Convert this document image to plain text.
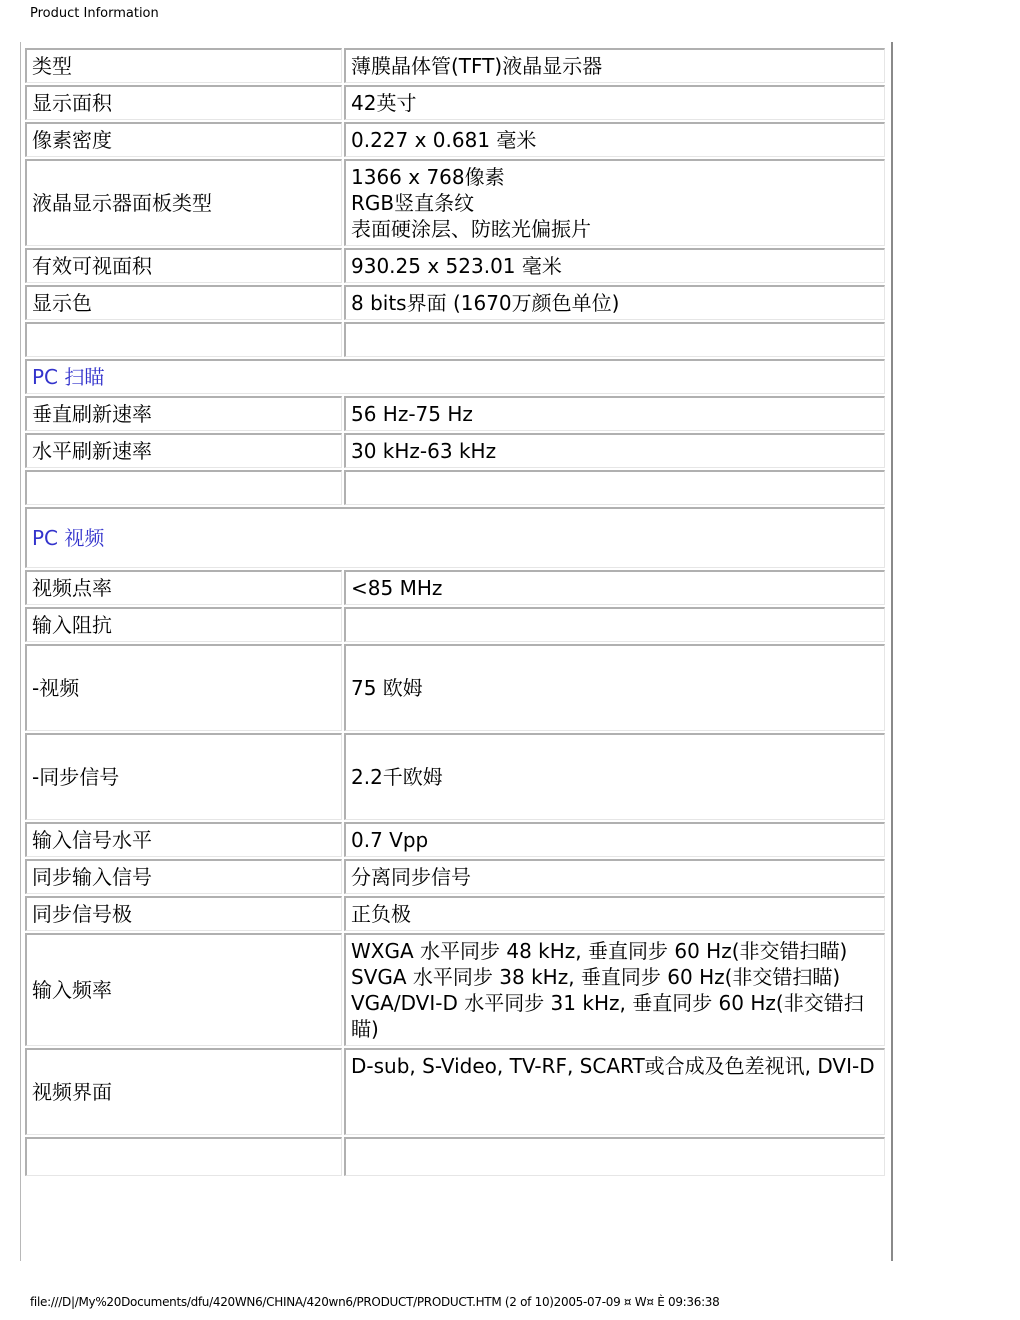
Product Information
类型	薄膜晶体管(TFT)液晶显示器
显示面积	42英寸
像素密度	0.227 x 0.681 毫米
液晶显示器面板类型	1366 x 768像素
RGB竖直条纹
表面硬涂层、防眩光偏振片
有效可视面积	930.25 x 523.01 毫米
显示色	8 bits界面 (1670万颜色单位)

PC 扫瞄	
垂直刷新速率	56 Hz-75 Hz
水平刷新速率	30 kHz-63 kHz

PC 视频	
视频点率	<85 MHz
输入阻抗	
-视频	75 欧姆
-同步信号	2.2千欧姆
输入信号水平	0.7 Vpp
同步输入信号	分离同步信号
同步信号极	正负极
输入频率	WXGA 水平同步 48 kHz, 垂直同步 60 Hz(非交错扫瞄)
SVGA 水平同步 38 kHz, 垂直同步 60 Hz(非交错扫瞄)
VGA/DVI-D 水平同步 31 kHz, 垂直同步 60 Hz(非交错扫瞄)
视频界面	D-sub, S-Video, TV-RF, SCART或合成及色差视讯, DVI-D

file:///D|/My%20Documents/dfu/420WN6/CHINA/420wn6/PRODUCT/PRODUCT.HTM (2 of 10)2005-07-09 ¤ W¤ È 09:36:38
